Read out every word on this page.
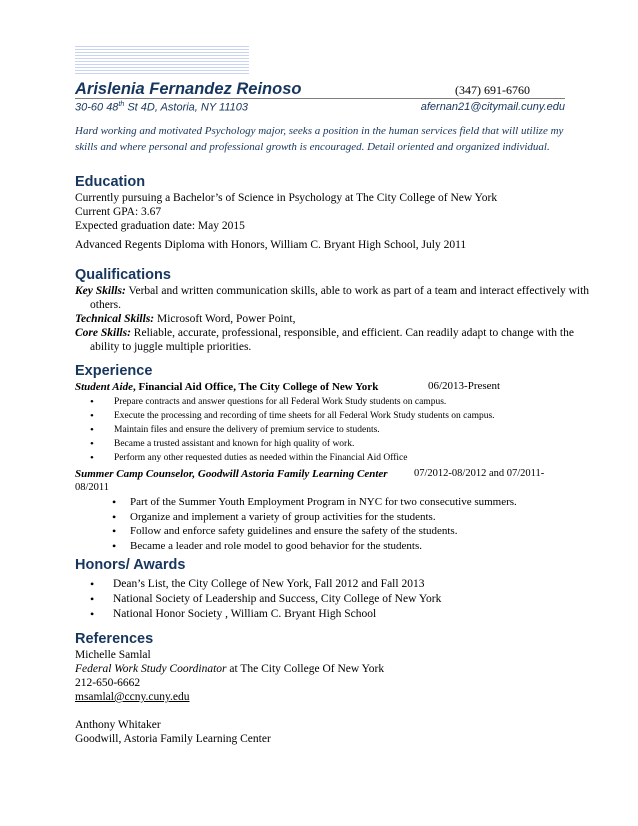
Arislenia Fernandez Reinoso	(347) 691-6760
30-60 48th St 4D, Astoria, NY 11103	afernan21@citymail.cuny.edu
Hard working and motivated Psychology major, seeks a position in the human services field that will utilize my skills and where personal and professional growth is encouraged. Detail oriented and organized individual.
Education
Currently pursuing a Bachelor’s of Science in Psychology at The City College of New York
Current GPA: 3.67
Expected graduation date: May 2015
Advanced Regents Diploma with Honors, William C. Bryant High School, July 2011
Qualifications
Key Skills: Verbal and written communication skills, able to work as part of a team and interact effectively with others.
Technical Skills: Microsoft Word, Power Point,
Core Skills: Reliable, accurate, professional, responsible, and efficient. Can readily adapt to change with the ability to juggle multiple priorities.
Experience
Student Aide, Financial Aid Office, The City College of New York	06/2013-Present
• Prepare contracts and answer questions for all Federal Work Study students on campus.
• Execute the processing and recording of time sheets for all Federal Work Study students on campus.
• Maintain files and ensure the delivery of premium service to students.
• Became a trusted assistant and known for high quality of work.
• Perform any other requested duties as needed within the Financial Aid Office
Summer Camp Counselor, Goodwill Astoria Family Learning Center	07/2012-08/2012 and 07/2011-
08/2011
• Part of the Summer Youth Employment Program in NYC for two consecutive summers.
• Organize and implement a variety of group activities for the students.
• Follow and enforce safety guidelines and ensure the safety of the students.
• Became a leader and role model to good behavior for the students.
Honors/ Awards
• Dean’s List, the City College of New York, Fall 2012 and Fall 2013
• National Society of Leadership and Success, City College of New York
• National Honor Society , William C. Bryant High School
References
Michelle Samlal
Federal Work Study Coordinator at The City College Of New York
212-650-6662
msamlal@ccny.cuny.edu
Anthony Whitaker
Goodwill, Astoria Family Learning Center
